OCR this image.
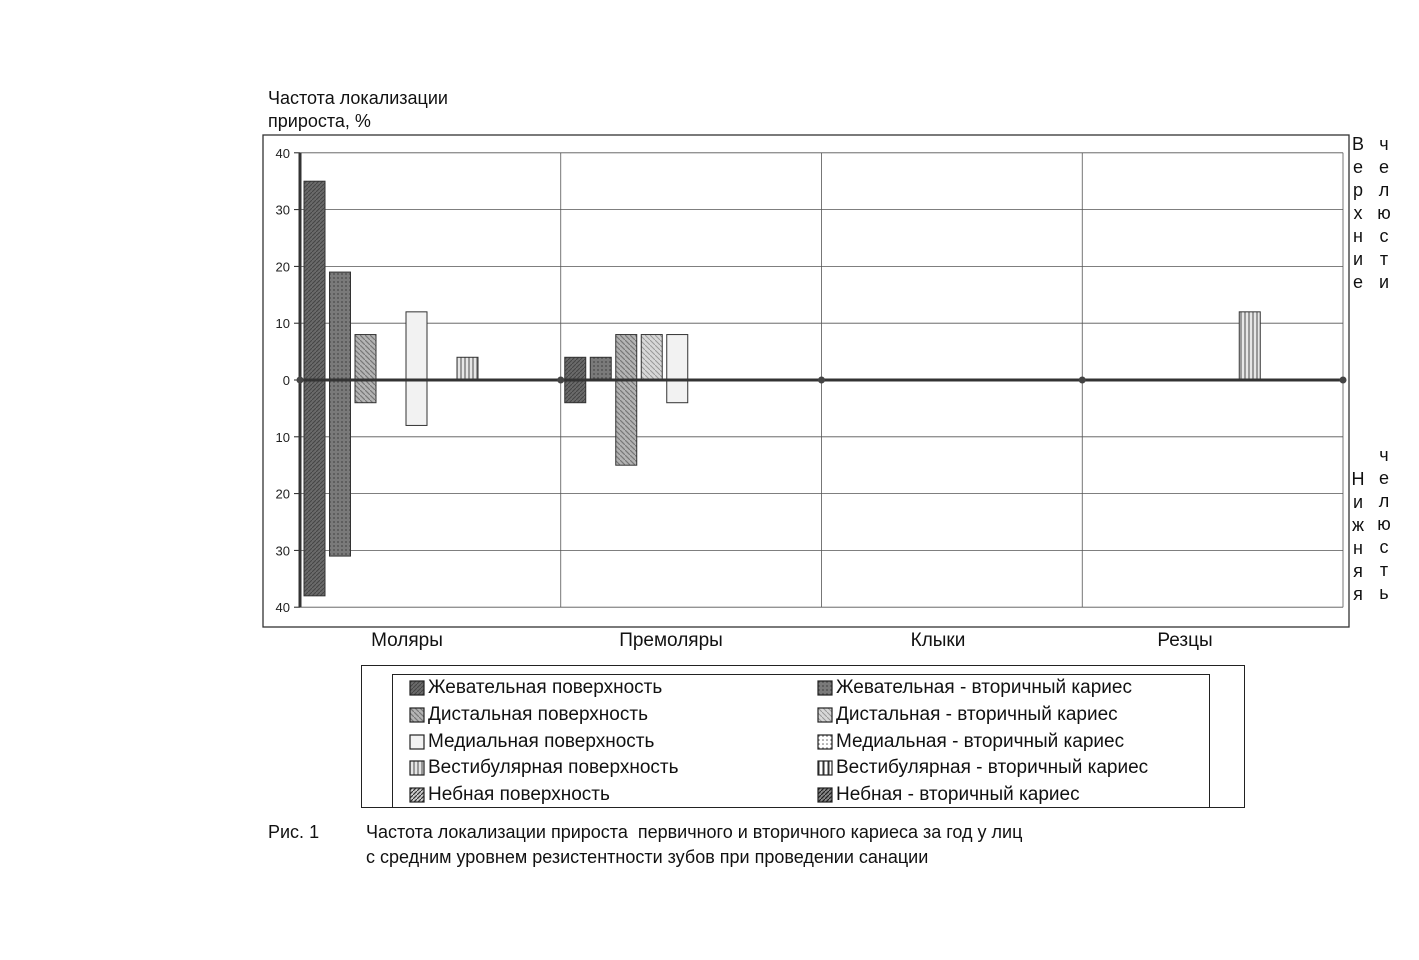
Частота локализации прироста, %
40
30
20
10
0
10
20
30
40
В
е
р
х
н
и
е
ч
е
л
ю
с
т
и
Н
и
ж
н
я
я
ч
е
л
ю
с
т
ь
Моляры	Премоляры	Клыки	Резцы
Жевательная поверхность	Жевательная - вторичный кариес
Дистальная поверхность	Дистальная - вторичный кариес
Медиальная поверхность	Медиальная - вторичный кариес
Вестибулярная поверхность	Вестибулярная - вторичный кариес
Небная поверхность	Небная - вторичный кариес
Рис. 1	Частота локализации прироста  первичного и вторичного кариеса за год у лиц
с средним уровнем резистентности зубов при проведении санации
